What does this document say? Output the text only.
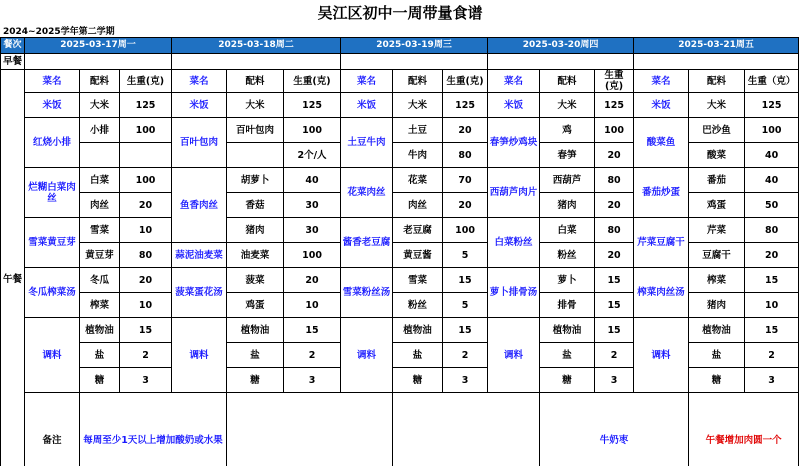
吴江区初中一周带量食谱
2024~2025学年第二学期
餐次	2025-03-17周一			2025-03-18周二			2025-03-19周三			2025-03-20周四			2025-03-21周五		
早餐															
午餐	菜名	配料	生重(克)	菜名	配料	生重(克)	菜名	配料	生重(克)	菜名	配料	生重(克)	菜名	配料	生重（克）
	米饭	大米	125	米饭	大米	125	米饭	大米	125	米饭	大米	125	米饭	大米	125
	红烧小排	小排	100	百叶包肉	百叶包肉	100	土豆牛肉	土豆	20	春笋炒鸡块	鸡	100	酸菜鱼	巴沙鱼	100
						2个/人		牛肉	80		春笋	20		酸菜	40
	烂糊白菜肉丝	白菜	100	鱼香肉丝	胡萝卜	40	花菜肉丝	花菜	70	西葫芦肉片	西葫芦	80	番茄炒蛋	番茄	40
		肉丝	20		香菇	30		肉丝	20		猪肉	20		鸡蛋	50
	雪菜黄豆芽	雪菜	10		猪肉	30	酱香老豆腐	老豆腐	100	白菜粉丝	白菜	80	芹菜豆腐干	芹菜	80
		黄豆芽	80	蒜泥油麦菜	油麦菜	100		黄豆酱	5		粉丝	20		豆腐干	20
	冬瓜榨菜汤	冬瓜	20	菠菜蛋花汤	菠菜	20	雪菜粉丝汤	雪菜	15	萝卜排骨汤	萝卜	15	榨菜肉丝汤	榨菜	15
		榨菜	10		鸡蛋	10		粉丝	5		排骨	15		猪肉	10
	调料	植物油	15	调料	植物油	15	调料	植物油	15	调料	植物油	15	调料	植物油	15
		盐	2		盐	2		盐	2		盐	2		盐	2
		糖	3		糖	3		糖	3		糖	3		糖	3
	备注	每周至少1天以上增加酸奶或水果									牛奶枣			午餐增加肉圆一个	
